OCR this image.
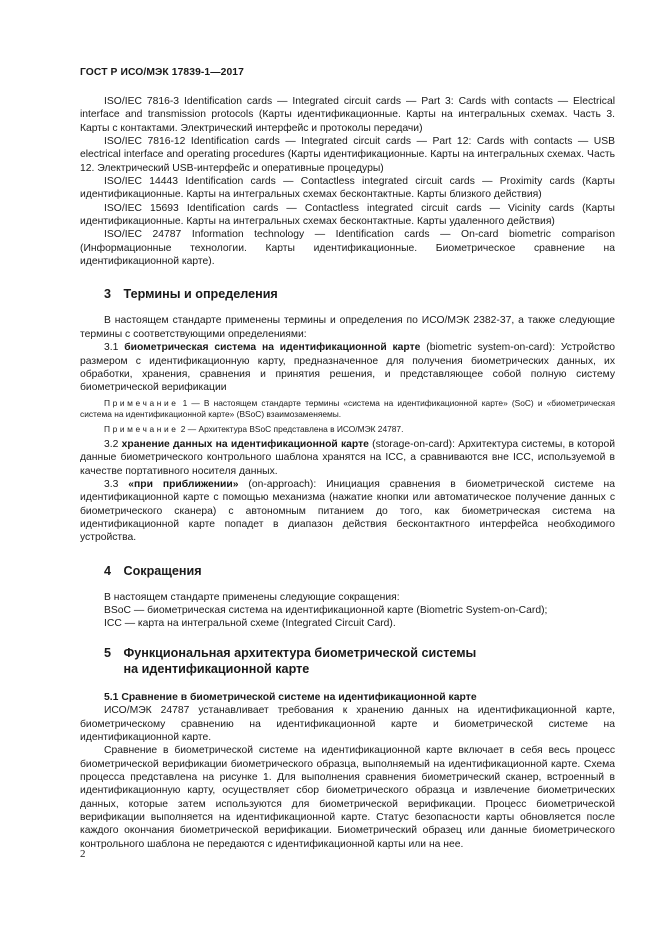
ГОСТ Р ИСО/МЭК 17839-1—2017

ISO/IEC 7816-3 Identification cards — Integrated circuit cards — Part 3: Cards with contacts — Electrical interface and transmission protocols (Карты идентификационные. Карты на интегральных схемах. Часть 3. Карты с контактами. Электрический интерфейс и протоколы передачи)

ISO/IEC 7816-12 Identification cards — Integrated circuit cards — Part 12: Cards with contacts — USB electrical interface and operating procedures (Карты идентификационные. Карты на интегральных схемах. Часть 12. Электрический USB-интерфейс и оперативные процедуры)

ISO/IEC 14443 Identification cards — Contactless integrated circuit cards — Proximity cards (Карты идентификационные. Карты на интегральных схемах бесконтактные. Карты близкого действия)

ISO/IEC 15693 Identification cards — Contactless integrated circuit cards — Vicinity cards (Карты идентификационные. Карты на интегральных схемах бесконтактные. Карты удаленного действия)

ISO/IEC 24787 Information technology — Identification cards — On-card biometric comparison (Информационные технологии. Карты идентификационные. Биометрическое сравнение на идентификационной карте).

3 Термины и определения

В настоящем стандарте применены термины и определения по ИСО/МЭК 2382-37, а также следующие термины с соответствующими определениями:

3.1 биометрическая система на идентификационной карте (biometric system-on-card): Устройство размером с идентификационную карту, предназначенное для получения биометрических данных, их обработки, хранения, сравнения и принятия решения, и представляющее собой полную систему биометрической верификации

Примечание 1 — В настоящем стандарте термины «система на идентификационной карте» (SoC) и «биометрическая система на идентификационной карте» (BSoC) взаимозаменяемы.

Примечание 2 — Архитектура BSoC представлена в ИСО/МЭК 24787.

3.2 хранение данных на идентификационной карте (storage-on-card): Архитектура системы, в которой данные биометрического контрольного шаблона хранятся на ICC, а сравниваются вне ICC, используемой в качестве портативного носителя данных.

3.3 «при приближении» (on-approach): Инициация сравнения в биометрической системе на идентификационной карте с помощью механизма (нажатие кнопки или автоматическое получение данных с биометрического сканера) с автономным питанием до того, как биометрическая система на идентификационной карте попадет в диапазон действия бесконтактного интерфейса необходимого устройства.

4 Сокращения

В настоящем стандарте применены следующие сокращения:

BSoC — биометрическая система на идентификационной карте (Biometric System-on-Card);

ICC — карта на интегральной схеме (Integrated Circuit Card).

5 Функциональная архитектура биометрической системы
на идентификационной карте

5.1 Сравнение в биометрической системе на идентификационной карте

ИСО/МЭК 24787 устанавливает требования к хранению данных на идентификационной карте, биометрическому сравнению на идентификационной карте и биометрической системе на идентификационной карте.

Сравнение в биометрической системе на идентификационной карте включает в себя весь процесс биометрической верификации биометрического образца, выполняемый на идентификационной карте. Схема процесса представлена на рисунке 1. Для выполнения сравнения биометрический сканер, встроенный в идентификационную карту, осуществляет сбор биометрического образца и извлечение биометрических данных, которые затем используются для биометрической верификации. Процесс биометрической верификации выполняется на идентификационной карте. Статус безопасности карты обновляется после каждого окончания биометрической верификации. Биометрический образец или данные биометрического контрольного шаблона не передаются с идентификационной карты или на нее.

2
